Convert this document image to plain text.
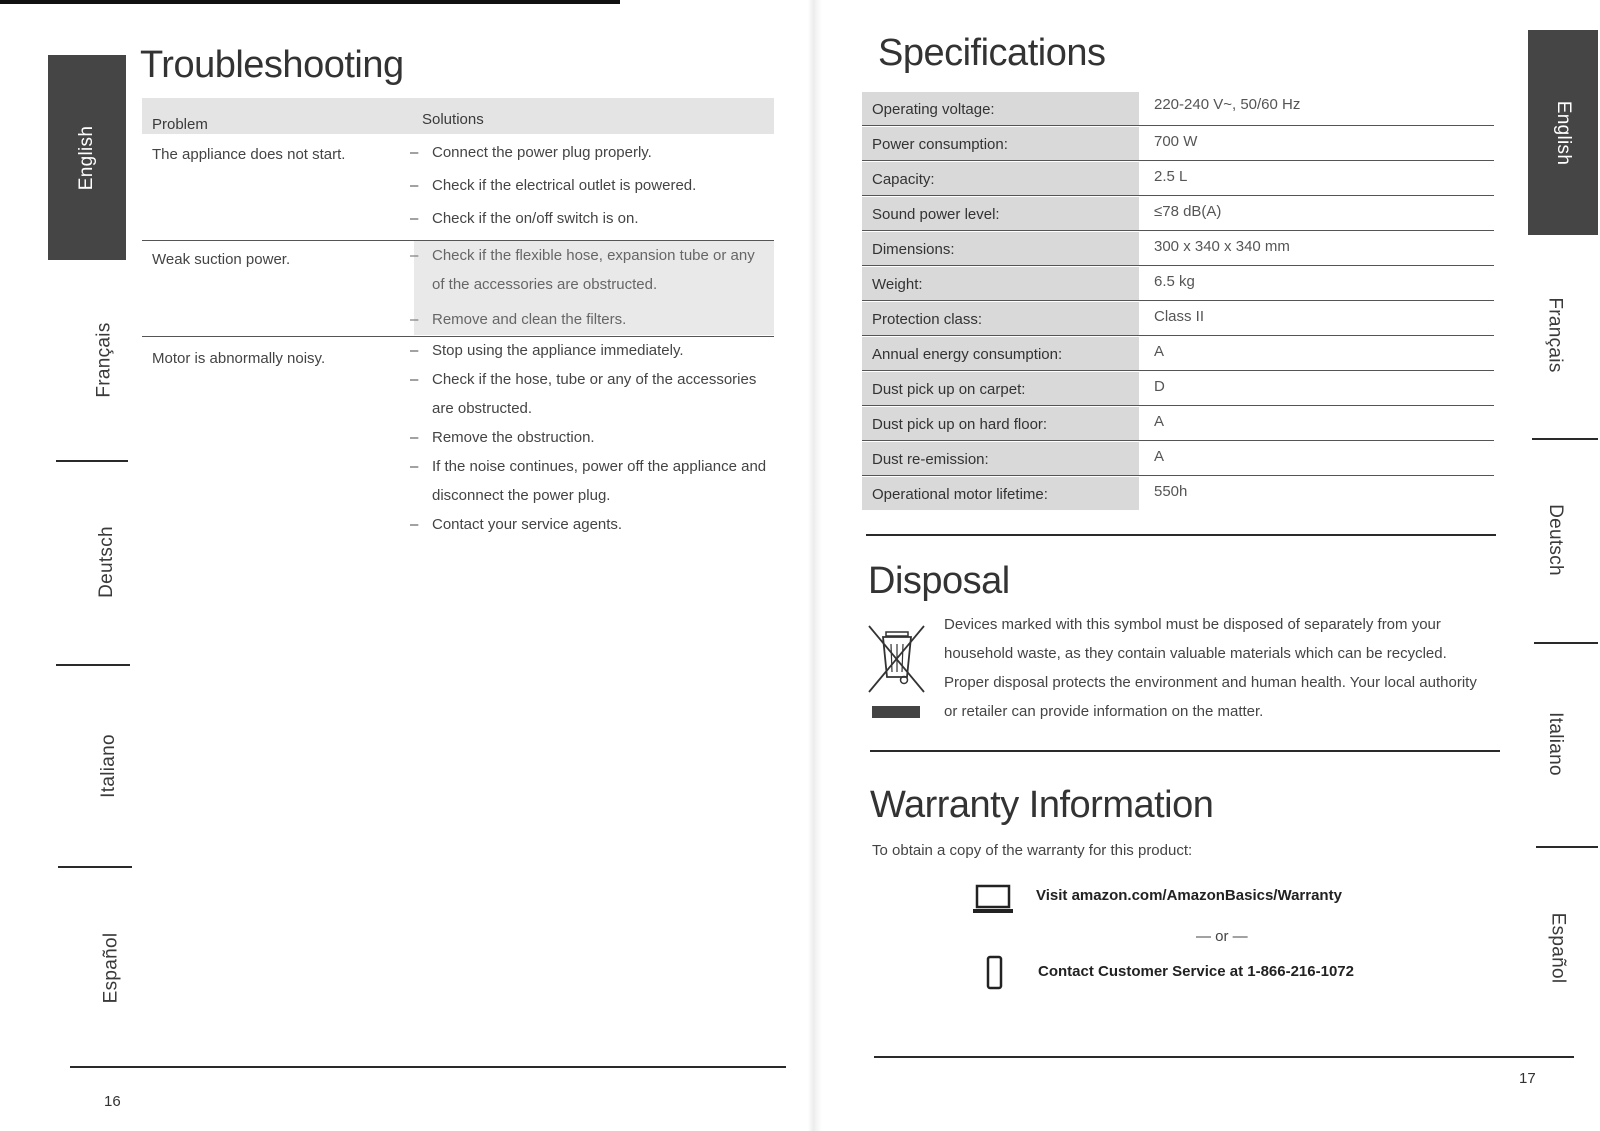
English
Français
Deutsch
Italiano
Español
Troubleshooting
Problem	Solutions
The appliance does not start.	– Connect the power plug properly.
– Check if the electrical outlet is powered.
– Check if the on/off switch is on.
Weak suction power.	– Check if the flexible hose, expansion tube or any of the accessories are obstructed.
– Remove and clean the filters.
Motor is abnormally noisy.	– Stop using the appliance immediately.
– Check if the hose, tube or any of the accessories are obstructed.
– Remove the obstruction.
– If the noise continues, power off the appliance and disconnect the power plug.
– Contact your service agents.
16
Specifications
Operating voltage:	220-240 V~, 50/60 Hz
Power consumption:	700 W
Capacity:	2.5 L
Sound power level:	≤78 dB(A)
Dimensions:	300 x 340 x 340 mm
Weight:	6.5 kg
Protection class:	Class II
Annual energy consumption:	A
Dust pick up on carpet:	D
Dust pick up on hard floor:	A
Dust re-emission:	A
Operational motor lifetime:	550h
Disposal
Devices marked with this symbol must be disposed of separately from your household waste, as they contain valuable materials which can be recycled. Proper disposal protects the environment and human health. Your local authority or retailer can provide information on the matter.
Warranty Information
To obtain a copy of the warranty for this product:
Visit amazon.com/AmazonBasics/Warranty
— or —
Contact Customer Service at 1-866-216-1072
17
English
Français
Deutsch
Italiano
Español
